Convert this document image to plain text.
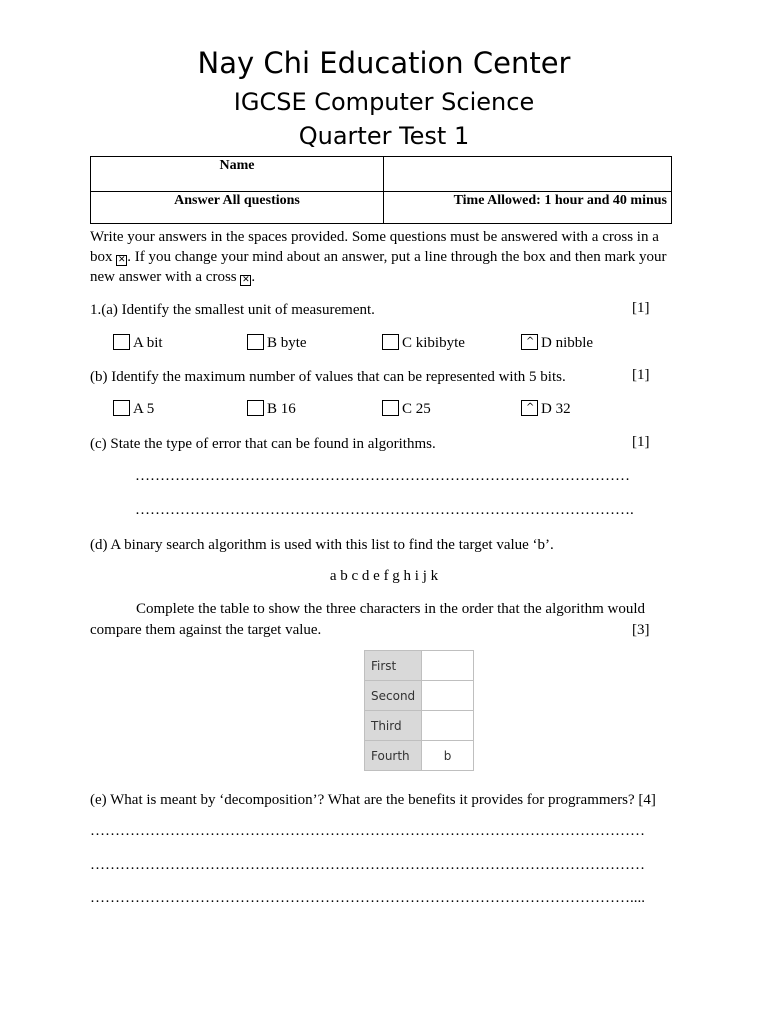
Nay Chi Education Center
IGCSE Computer Science
Quarter Test 1
Name
Answer All questions	Time Allowed: 1 hour and 40 minus
Write your answers in the spaces provided. Some questions must be answered with a cross in a box ✕ . If you change your mind about an answer, put a line through the box and then mark your new answer with a cross ✕ .
1.(a) Identify the smallest unit of measurement.	[1]
A bit	B byte	C kibibyte ^	D nibble
(b) Identify the maximum number of values that can be represented with 5 bits.	[1]
A 5	B 16	C 25 ^	D 32
(c) State the type of error that can be found in algorithms.	[1]
………………………………………………………………………………………
……………………………………………………………………………………….
(d) A binary search algorithm is used with this list to find the target value ‘b’.
a b c d e f g h i j k
Complete the table to show the three characters in the order that the algorithm would
compare them against the target value.	[3]
First	
Second	
Third	
Fourth	b
(e) What is meant by ‘decomposition’? What are the benefits it provides for programmers? [4]
…………………………………………………………………………………………………
…………………………………………………………………………………………………
………………………………………………………………………………………………....
